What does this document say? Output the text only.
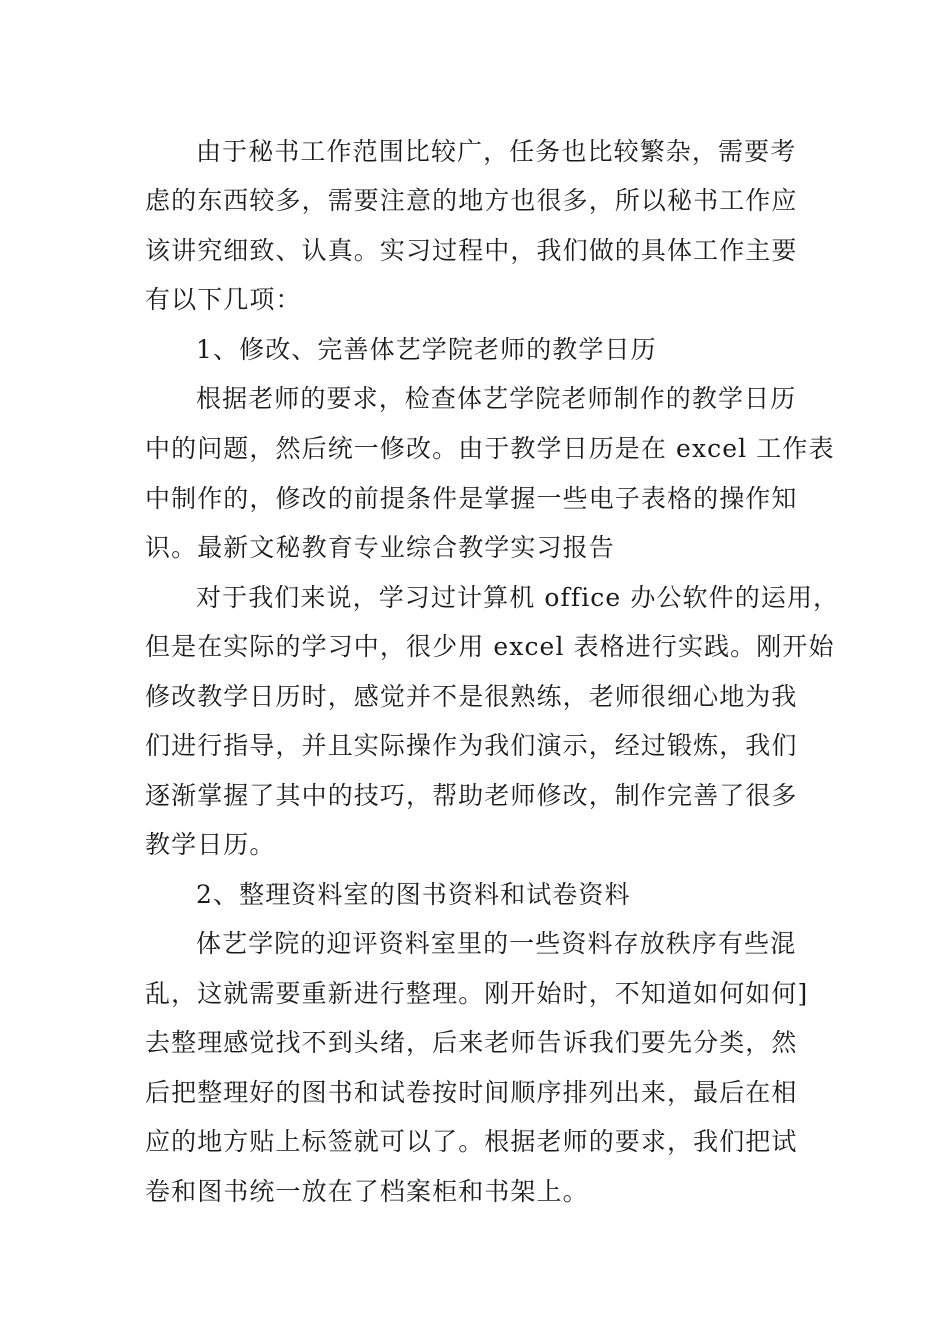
由于秘书工作范围比较广，任务也比较繁杂，需要考
虑的东西较多，需要注意的地方也很多，所以秘书工作应
该讲究细致、认真。实习过程中，我们做的具体工作主要
有以下几项：
1、修改、完善体艺学院老师的教学日历
根据老师的要求，检查体艺学院老师制作的教学日历
中的问题，然后统一修改。由于教学日历是在 excel 工作表
中制作的，修改的前提条件是掌握一些电子表格的操作知
识。最新文秘教育专业综合教学实习报告
对于我们来说，学习过计算机 office 办公软件的运用，
但是在实际的学习中，很少用 excel 表格进行实践。刚开始
修改教学日历时，感觉并不是很熟练，老师很细心地为我
们进行指导，并且实际操作为我们演示，经过锻炼，我们
逐渐掌握了其中的技巧，帮助老师修改，制作完善了很多
教学日历。
2、整理资料室的图书资料和试卷资料
体艺学院的迎评资料室里的一些资料存放秩序有些混
乱，这就需要重新进行整理。刚开始时，不知道如何如何]
去整理感觉找不到头绪，后来老师告诉我们要先分类，然
后把整理好的图书和试卷按时间顺序排列出来，最后在相
应的地方贴上标签就可以了。根据老师的要求，我们把试
卷和图书统一放在了档案柜和书架上。
